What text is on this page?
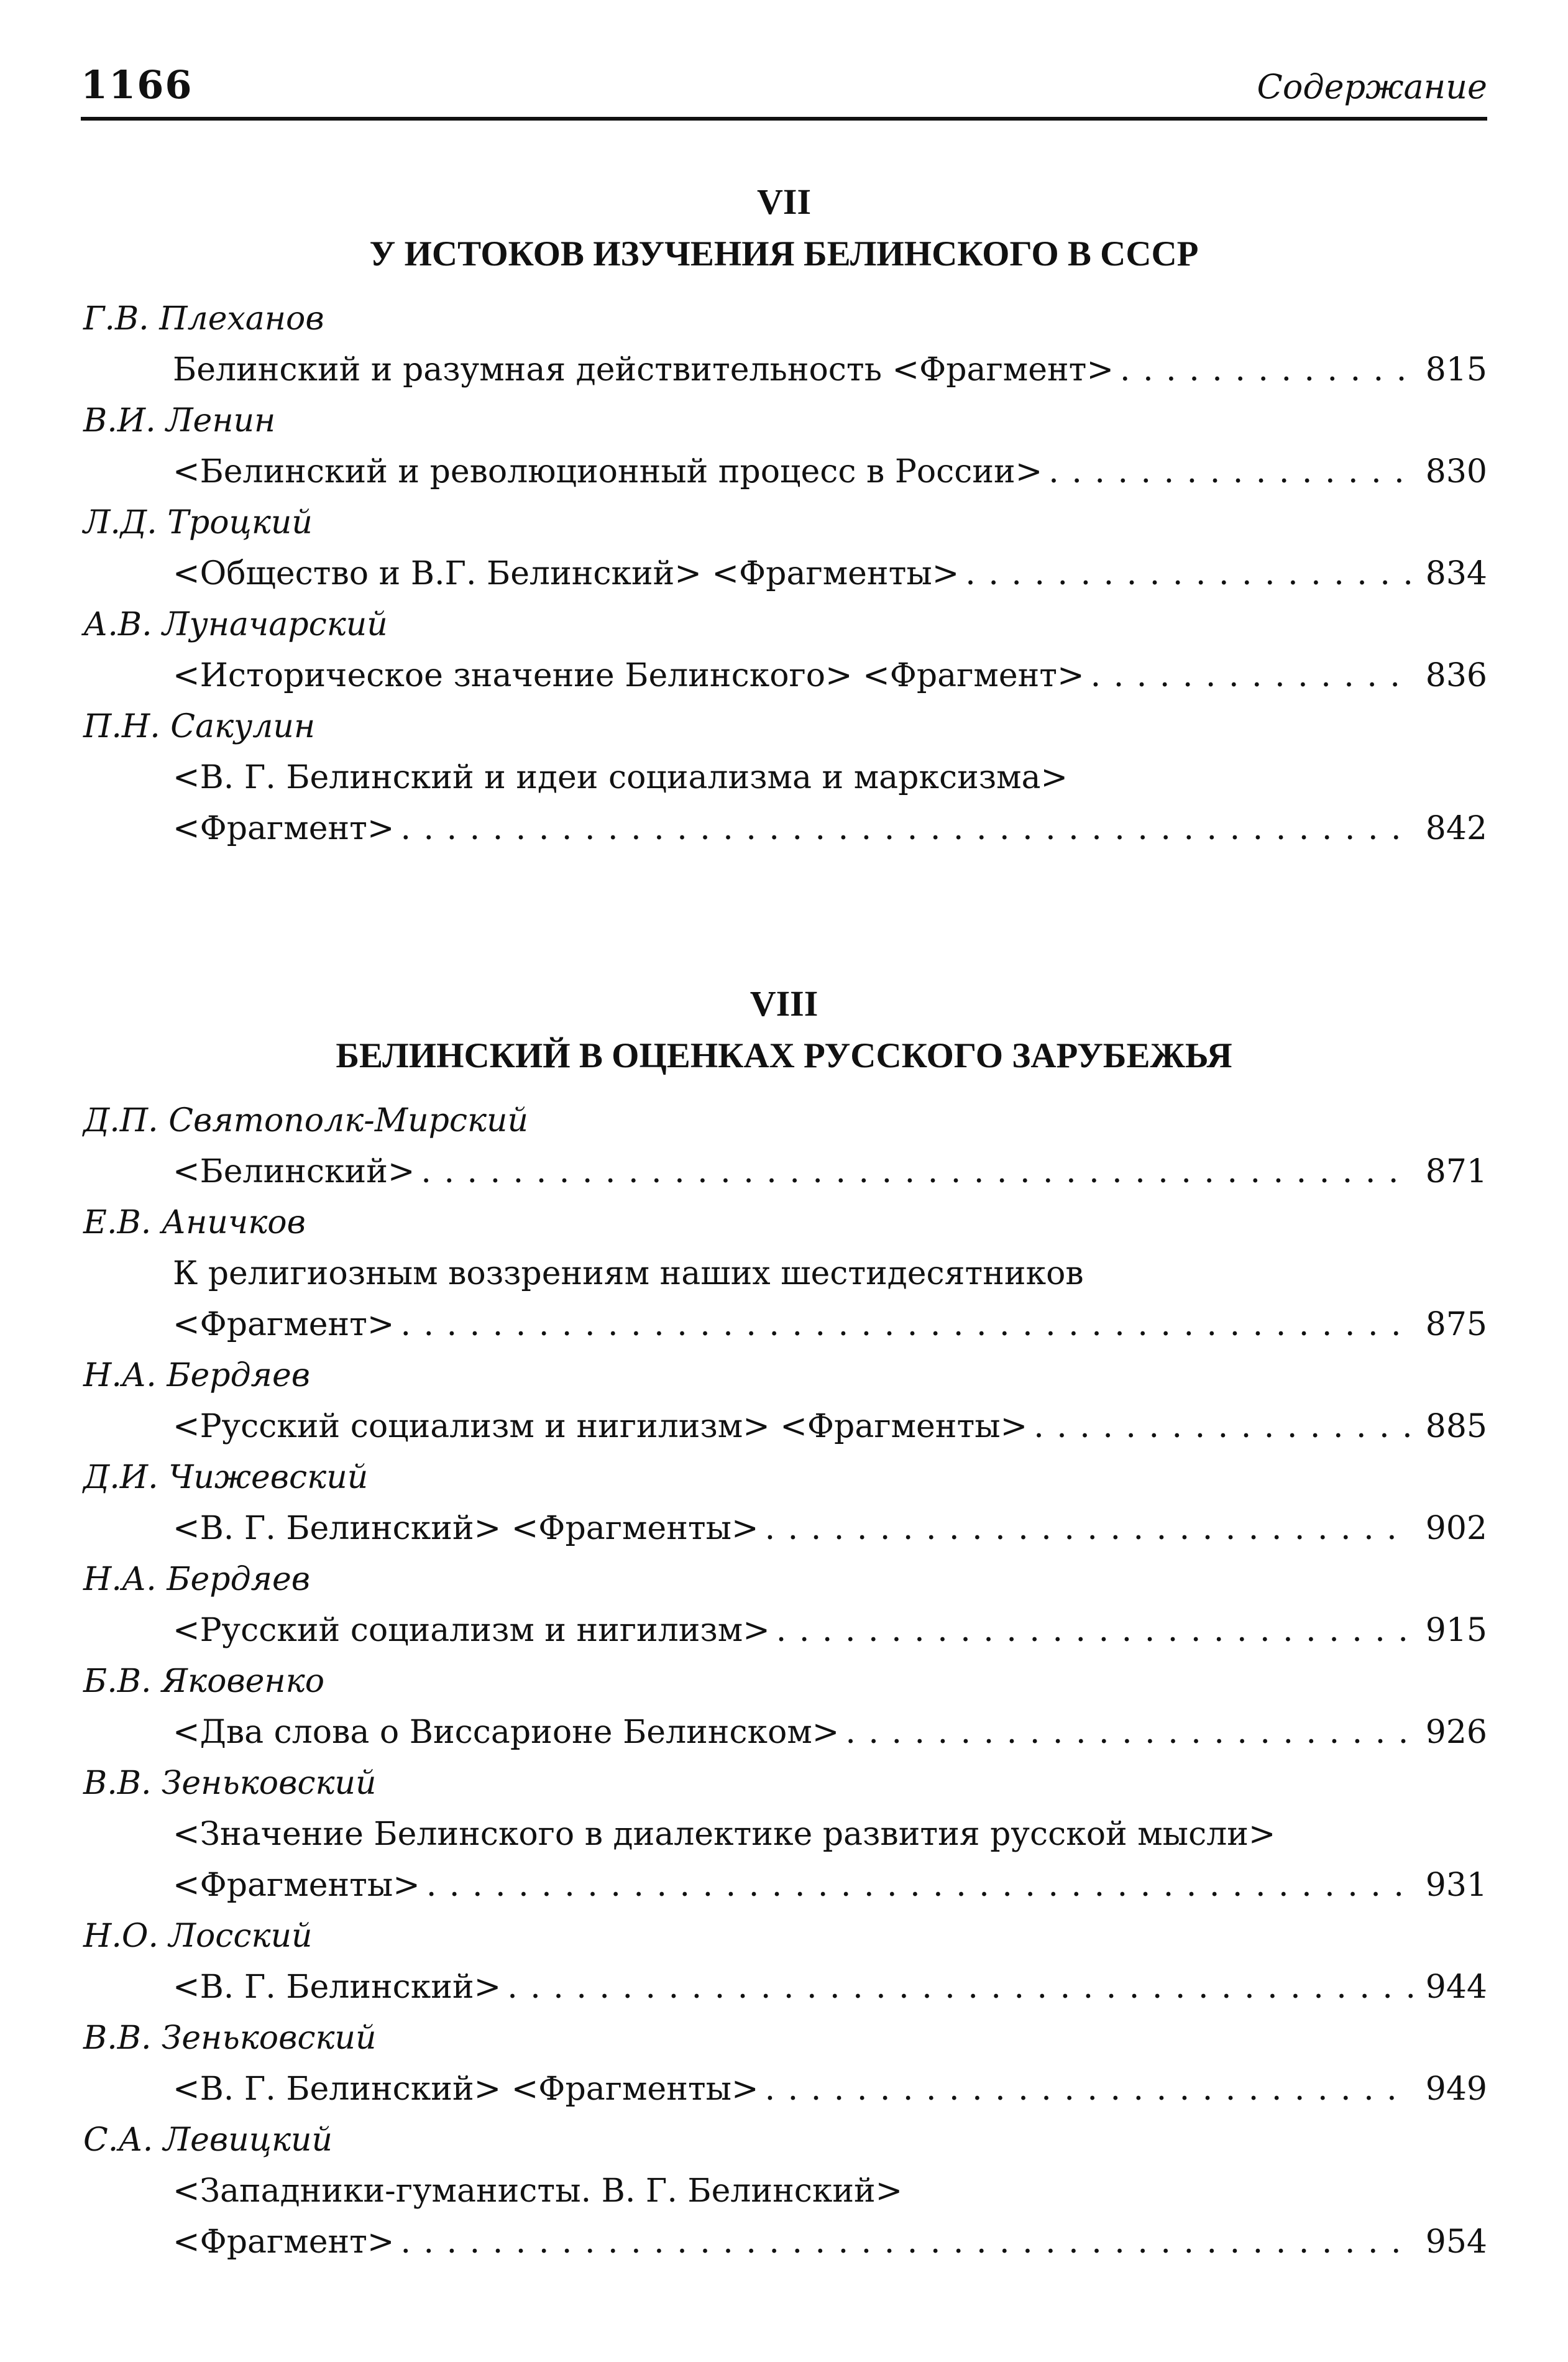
1166	Содержание
VII
У ИСТОКОВ ИЗУЧЕНИЯ БЕЛИНСКОГО В СССР
Г.В. Плеханов
Белинский и разумная действительность <Фрагмент> . . .	815
В.И. Ленин
<Белинский и революционный процесс в России> . . .	830
Л.Д. Троцкий
<Общество и В.Г. Белинский> <Фрагменты> . . .	834
А.В. Луначарский
<Историческое значение Белинского> <Фрагмент> . . .	836
П.Н. Сакулин
<В. Г. Белинский и идеи социализма и марксизма>
<Фрагмент> . . .	842
VIII
БЕЛИНСКИЙ В ОЦЕНКАХ РУССКОГО ЗАРУБЕЖЬЯ
Д.П. Святополк-Мирский
<Белинский> . . .	871
Е.В. Аничков
К религиозным воззрениям наших шестидесятников
<Фрагмент> . . .	875
Н.А. Бердяев
<Русский социализм и нигилизм> <Фрагменты> . . .	885
Д.И. Чижевский
<В. Г. Белинский> <Фрагменты> . . .	902
Н.А. Бердяев
<Русский социализм и нигилизм> . . .	915
Б.В. Яковенко
<Два слова о Виссарионе Белинском> . . .	926
В.В. Зеньковский
<Значение Белинского в диалектике развития русской мысли>
<Фрагменты> . . .	931
Н.О. Лосский
<В. Г. Белинский> . . .	944
В.В. Зеньковский
<В. Г. Белинский> <Фрагменты> . . .	949
С.А. Левицкий
<Западники-гуманисты. В. Г. Белинский>
<Фрагмент> . . .	954
